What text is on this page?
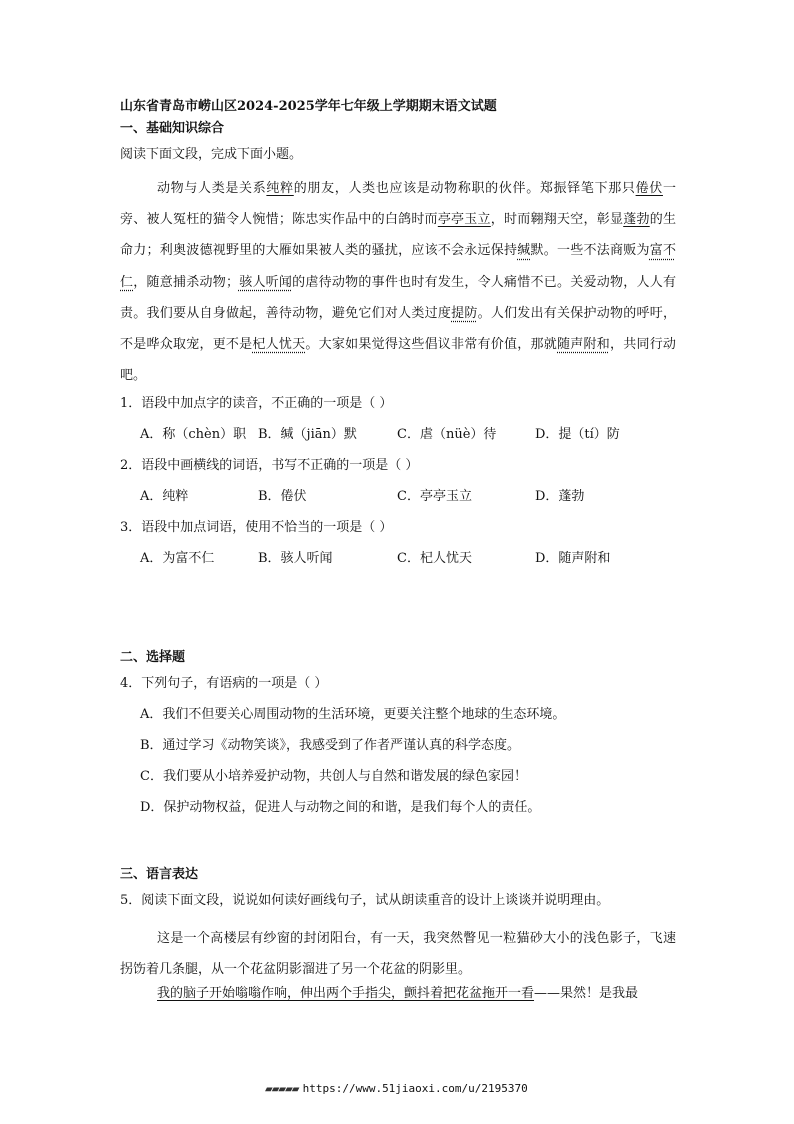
山东省青岛市崂山区2024-2025学年七年级上学期期末语文试题
一、基础知识综合
阅读下面文段，完成下面小题。
动物与人类是关系纯粹的朋友，人类也应该是动物称职的伙伴。郑振铎笔下那只倦伏一旁、被人冤枉的猫令人惋惜；陈忠实作品中的白鸽时而亭亭玉立，时而翱翔天空，彰显蓬勃的生命力；利奥波德视野里的大雁如果被人类的骚扰，应该不会永远保持缄默。一些不法商贩为富不仁，随意捕杀动物；骇人听闻的虐待动物的事件也时有发生，令人痛惜不已。关爱动物，人人有责。我们要从自身做起，善待动物，避免它们对人类过度提防。人们发出有关保护动物的呼吁，不是哗众取宠，更不是杞人忧天。大家如果觉得这些倡议非常有价值，那就随声附和，共同行动吧。
1．语段中加点字的读音，不正确的一项是（ ）
A．称（chèn）职 B．缄（jiān）默	C．虐（nüè）待	D．提（tí）防
2．语段中画横线的词语，书写不正确的一项是（ ）
A．纯粹	B．倦伏	C．亭亭玉立	D．蓬勃
3．语段中加点词语，使用不恰当的一项是（ ）
A．为富不仁	B．骇人听闻	C．杞人忧天	D．随声附和
二、选择题
4．下列句子，有语病的一项是（ ）
A．我们不但要关心周围动物的生活环境，更要关注整个地球的生态环境。
B．通过学习《动物笑谈》，我感受到了作者严谨认真的科学态度。
C．我们要从小培养爱护动物，共创人与自然和谐发展的绿色家园！
D．保护动物权益，促进人与动物之间的和谐，是我们每个人的责任。
三、语言表达
5．阅读下面文段，说说如何读好画线句子，试从朗读重音的设计上谈谈并说明理由。
这是一个高楼层有纱窗的封闭阳台，有一天，我突然瞥见一粒猫砂大小的浅色影子，飞速拐饬着几条腿，从一个花盆阴影溜进了另一个花盆的阴影里。
我的脑子开始嗡嗡作响，伸出两个手指尖，颤抖着把花盆拖开一看——果然！是我最
▰▰▰▰▰ https://www.51jiaoxi.com/u/2195370
